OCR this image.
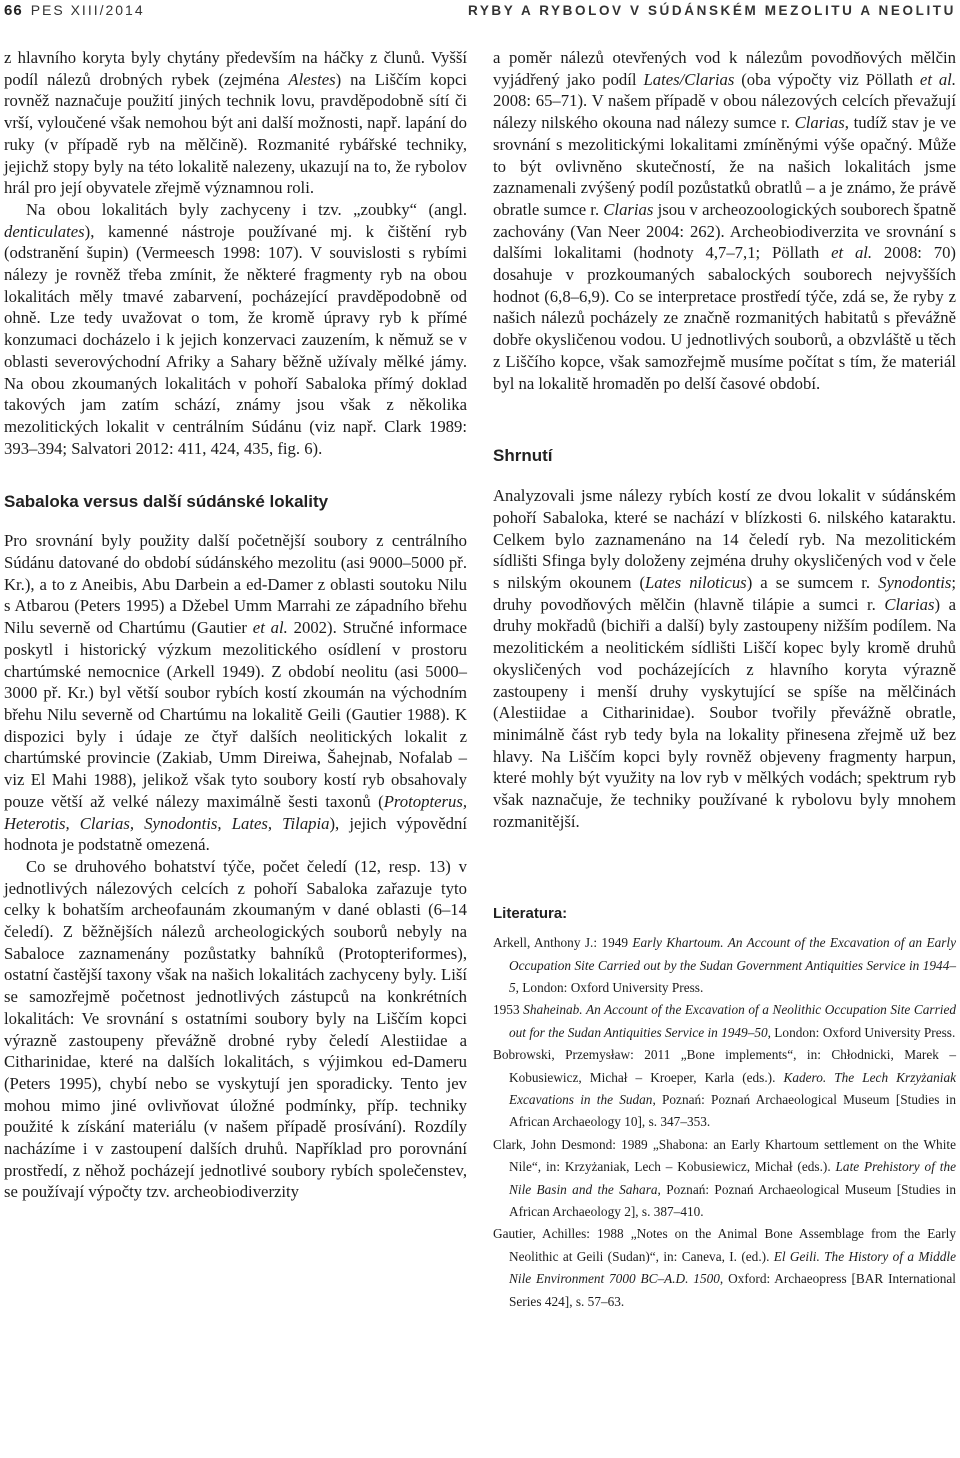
66 PES XIII/2014	RYBY A RYBOLOV V SÚDÁNSKÉM MEZOLITU A NEOLITU

z hlavního koryta byly chytány především na háčky z člunů. Vyšší podíl nálezů drobných rybek (zejména Alestes) na Liščím kopci rovněž naznačuje použití jiných technik lovu, pravděpodobně sítí či vrší, vyloučené však nemohou být ani další možnosti, např. lapání do ruky (v případě ryb na mělčině). Rozmanité rybářské techniky, jejichž stopy byly na této lokalitě nalezeny, ukazují na to, že rybolov hrál pro její obyvatele zřejmě významnou roli.

Na obou lokalitách byly zachyceny i tzv. „zoubky“ (angl. denticulates), kamenné nástroje používané mj. k čištění ryb (odstranění šupin) (Vermeesch 1998: 107). V souvislosti s rybími nálezy je rovněž třeba zmínit, že některé fragmenty ryb na obou lokalitách měly tmavé zabarvení, pocházející pravděpodobně od ohně. Lze tedy uvažovat o tom, že kromě úpravy ryb k přímé konzumaci docházelo i k jejich konzervaci zauzením, k němuž se v oblasti severovýchodní Afriky a Sahary běžně užívaly mělké jámy. Na obou zkoumaných lokalitách v pohoří Sabaloka přímý doklad takových jam zatím schází, známy jsou však z několika mezolitických lokalit v centrálním Súdánu (viz např. Clark 1989: 393–394; Salvatori 2012: 411, 424, 435, fig. 6).

Sabaloka versus další súdánské lokality

Pro srovnání byly použity další početnější soubory z centrálního Súdánu datované do období súdánského mezolitu (asi 9000–5000 př. Kr.), a to z Aneibis, Abu Darbein a ed-Damer z oblasti soutoku Nilu s Atbarou (Peters 1995) a Džebel Umm Marrahi ze západního břehu Nilu severně od Chartúmu (Gautier et al. 2002). Stručné informace poskytl i historický výzkum mezolitického osídlení v prostoru chartúmské nemocnice (Arkell 1949). Z období neolitu (asi 5000–3000 př. Kr.) byl větší soubor rybích kostí zkoumán na východním břehu Nilu severně od Chartúmu na lokalitě Geili (Gautier 1988). K dispozici byly i údaje ze čtyř dalších neolitických lokalit z chartúmské provincie (Zakiab, Umm Direiwa, Šahejnab, Nofalab – viz El Mahi 1988), jelikož však tyto soubory kostí ryb obsahovaly pouze větší až velké nálezy maximálně šesti taxonů (Protopterus, Heterotis, Clarias, Synodontis, Lates, Tilapia), jejich výpovědní hodnota je podstatně omezená.

Co se druhového bohatství týče, počet čeledí (12, resp. 13) v jednotlivých nálezových celcích z pohoří Sabaloka zařazuje tyto celky k bohatším archeofaunám zkoumaným v dané oblasti (6–14 čeledí). Z běžnějších nálezů archeologických souborů nebyly na Sabaloce zaznamenány pozůstatky bahníků (Protopteriformes), ostatní častější taxony však na našich lokalitách zachyceny byly. Liší se samozřejmě početnost jednotlivých zástupců na konkrétních lokalitách: Ve srovnání s ostatními soubory byly na Liščím kopci výrazně zastoupeny převážně drobné ryby čeledí Alestiidae a Citharinidae, které na dalších lokalitách, s výjimkou ed-Dameru (Peters 1995), chybí nebo se vyskytují jen sporadicky. Tento jev mohou mimo jiné ovlivňovat úložné podmínky, příp. techniky použité k získání materiálu (v našem případě prosívání). Rozdíly nacházíme i v zastoupení dalších druhů. Například pro porovnání prostředí, z něhož pocházejí jednotlivé soubory rybích společenstev, se používají výpočty tzv. archeobiodiverzity

a poměr nálezů otevřených vod k nálezům povodňových mělčin vyjádřený jako podíl Lates/Clarias (oba výpočty viz Pöllath et al. 2008: 65–71). V našem případě v obou nálezových celcích převažují nálezy nilského okouna nad nálezy sumce r. Clarias, tudíž stav je ve srovnání s mezolitickými lokalitami zmíněnými výše opačný. Může to být ovlivněno skutečností, že na našich lokalitách jsme zaznamenali zvýšený podíl pozůstatků obratlů – a je známo, že právě obratle sumce r. Clarias jsou v archeozoologických souborech špatně zachovány (Van Neer 2004: 262). Archeobiodiverzita ve srovnání s dalšími lokalitami (hodnoty 4,7–7,1; Pöllath et al. 2008: 70) dosahuje v prozkoumaných sabalockých souborech nejvyšších hodnot (6,8–6,9). Co se interpretace prostředí týče, zdá se, že ryby z našich nálezů pocházely ze značně rozmanitých habitatů s převážně dobře okysličenou vodou. U jednotlivých souborů, a obzvláště u těch z Liščího kopce, však samozřejmě musíme počítat s tím, že materiál byl na lokalitě hromaděn po delší časové období.

Shrnutí

Analyzovali jsme nálezy rybích kostí ze dvou lokalit v súdánském pohoří Sabaloka, které se nachází v blízkosti 6. nilského kataraktu. Celkem bylo zaznamenáno na 14 čeledí ryb. Na mezolitickém sídlišti Sfinga byly doloženy zejména druhy okysličených vod v čele s nilským okounem (Lates niloticus) a se sumcem r. Synodontis; druhy povodňových mělčin (hlavně tilápie a sumci r. Clarias) a druhy mokřadů (bichiři a další) byly zastoupeny nižším podílem. Na mezolitickém a neolitickém sídlišti Liščí kopec byly kromě druhů okysličených vod pocházejících z hlavního koryta výrazně zastoupeny i menší druhy vyskytující se spíše na mělčinách (Alestiidae a Citharinidae). Soubor tvořily převážně obratle, minimálně část ryb tedy byla na lokality přinesena zřejmě už bez hlavy. Na Liščím kopci byly rovněž objeveny fragmenty harpun, které mohly být využity na lov ryb v mělkých vodách; spektrum ryb však naznačuje, že techniky používané k rybolovu byly mnohem rozmanitější.

Literatura:

Arkell, Anthony J.: 1949 Early Khartoum. An Account of the Excavation of an Early Occupation Site Carried out by the Sudan Government Antiquities Service in 1944–5, London: Oxford University Press.

1953 Shaheinab. An Account of the Excavation of a Neolithic Occupation Site Carried out for the Sudan Antiquities Service in 1949–50, London: Oxford University Press.

Bobrowski, Przemysław: 2011 „Bone implements“, in: Chłodnicki, Marek – Kobusiewicz, Michał – Kroeper, Karla (eds.). Kadero. The Lech Krzyżaniak Excavations in the Sudan, Poznań: Poznań Archaeological Museum [Studies in African Archaeology 10], s. 347–353.

Clark, John Desmond: 1989 „Shabona: an Early Khartoum settlement on the White Nile“, in: Krzyżaniak, Lech – Kobusiewicz, Michał (eds.). Late Prehistory of the Nile Basin and the Sahara, Poznań: Poznań Archaeological Museum [Studies in African Archaeology 2], s. 387–410.

Gautier, Achilles: 1988 „Notes on the Animal Bone Assemblage from the Early Neolithic at Geili (Sudan)“, in: Caneva, I. (ed.). El Geili. The History of a Middle Nile Environment 7000 BC–A.D. 1500, Oxford: Archaeopress [BAR International Series 424], s. 57–63.
